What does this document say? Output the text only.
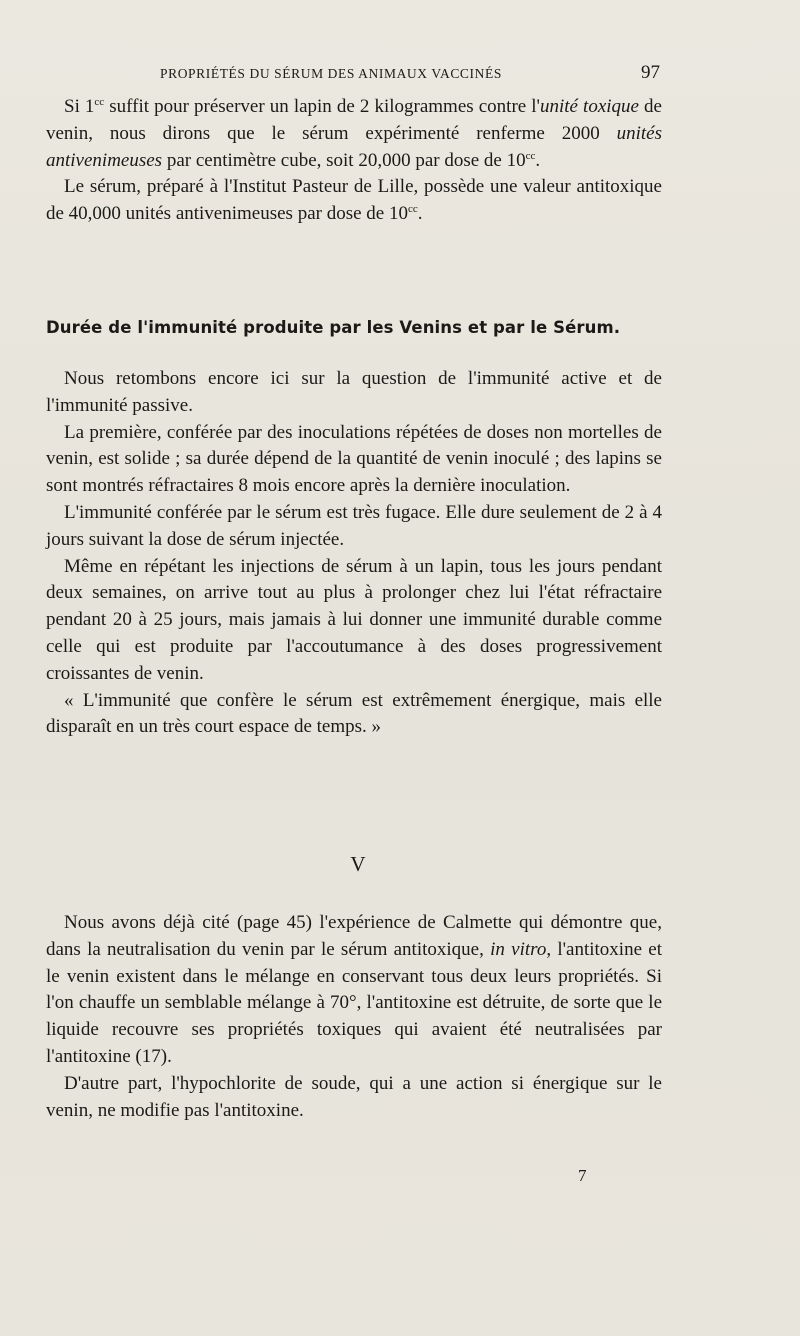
PROPRIÉTÉS DU SÉRUM DES ANIMAUX VACCINÉS	97

Si $1^{cc}$ suffit pour préserver un lapin de 2 kilogrammes contre l'unité toxique de venin, nous dirons que le sérum expérimenté renferme 2000 unités antivenimeuses par centimètre cube, soit 20,000 par dose de $10^{cc}$.

Le sérum, préparé à l'Institut Pasteur de Lille, possède une valeur antitoxique de 40,000 unités antivenimeuses par dose de $10^{cc}$.

Durée de l'immunité produite par les Venins et par le Sérum.

Nous retombons encore ici sur la question de l'immunité active et de l'immunité passive.

La première, conférée par des inoculations répétées de doses non mortelles de venin, est solide ; sa durée dépend de la quantité de venin inoculé ; des lapins se sont montrés réfractaires 8 mois encore après la dernière inoculation.

L'immunité conférée par le sérum est très fugace. Elle dure seulement de 2 à 4 jours suivant la dose de sérum injectée.

Même en répétant les injections de sérum à un lapin, tous les jours pendant deux semaines, on arrive tout au plus à prolonger chez lui l'état réfractaire pendant 20 à 25 jours, mais jamais à lui donner une immunité durable comme celle qui est produite par l'accoutumance à des doses progressivement croissantes de venin.

« L'immunité que confère le sérum est extrêmement énergique, mais elle disparaît en un très court espace de temps. »

V

Nous avons déjà cité (page 45) l'expérience de Calmette qui démontre que, dans la neutralisation du venin par le sérum antitoxique, in vitro, l'antitoxine et le venin existent dans le mélange en conservant tous deux leurs propriétés. Si l'on chauffe un semblable mélange à 70°, l'antitoxine est détruite, de sorte que le liquide recouvre ses propriétés toxiques qui avaient été neutralisées par l'antitoxine (17).

D'autre part, l'hypochlorite de soude, qui a une action si énergique sur le venin, ne modifie pas l'antitoxine.

7
